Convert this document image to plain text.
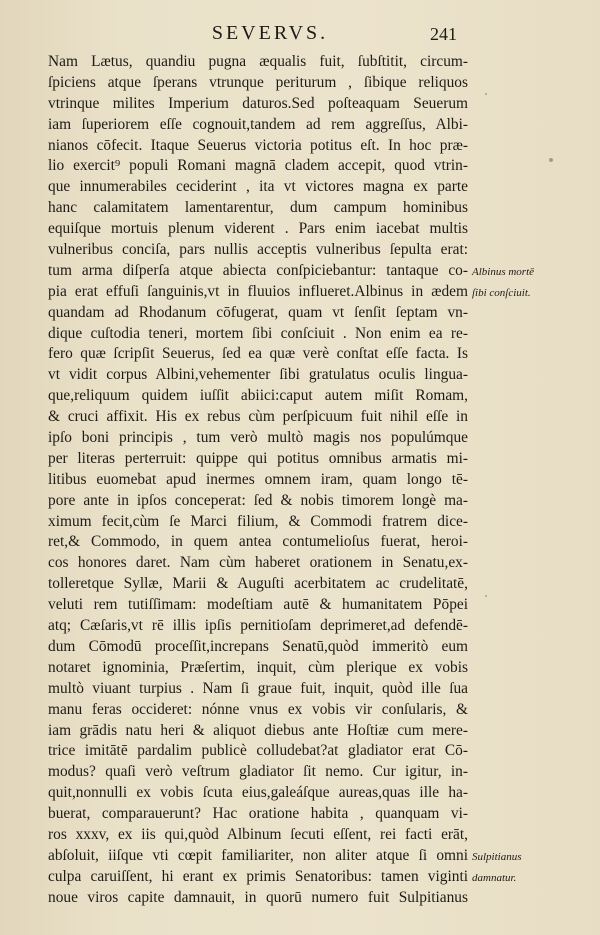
SEVERVS.	241
Nam Lætus, quandiu pugna æqualis fuit, ſubſtitit, circum-
ſpiciens atque ſperans vtrunque periturum , ſibique reliquos
vtrinque milites Imperium daturos.Sed poſteaquam Seuerum
iam ſuperiorem eſſe cognouit,tandem ad rem aggreſſus, Albi-
nianos cōfecit. Itaque Seuerus victoria potitus eſt. In hoc præ-
lio exercit⁹ populi Romani magnā cladem accepit, quod vtrin-
que innumerabiles ceciderint , ita vt victores magna ex parte
hanc calamitatem lamentarentur, dum campum hominibus
equiſque mortuis plenum viderent . Pars enim iacebat multis
vulneribus conciſa, pars nullis acceptis vulneribus ſepulta erat:
tum arma diſperſa atque abiecta conſpiciebantur: tantaque co-
pia erat effuſi ſanguinis,vt in fluuios influeret.Albinus in ædem
quandam ad Rhodanum cōfugerat, quam vt ſenſit ſeptam vn-
dique cuſtodia teneri, mortem ſibi conſciuit . Non enim ea re-
fero quæ ſcripſit Seuerus, ſed ea quæ verè conſtat eſſe facta. Is
vt vidit corpus Albini,vehementer ſibi gratulatus oculis lingua-
que,reliquum quidem iuſſit abiici:caput autem miſit Romam,
& cruci affixit. His ex rebus cùm perſpicuum fuit nihil eſſe in
ipſo boni principis , tum verò multò magis nos populúmque
per literas perterruit: quippe qui potitus omnibus armatis mi-
litibus euomebat apud inermes omnem iram, quam longo tē-
pore ante in ipſos conceperat: ſed & nobis timorem longè ma-
ximum fecit,cùm ſe Marci filium, & Commodi fratrem dice-
ret,& Commodo, in quem antea contumelioſus fuerat, heroi-
cos honores daret. Nam cùm haberet orationem in Senatu,ex-
tolleretque Syllæ, Marii & Auguſti acerbitatem ac crudelitatē,
veluti rem tutiſſimam: modeſtiam autē & humanitatem Pōpei
atq; Cæſaris,vt rē illis ipſis pernitioſam deprimeret,ad defendē-
dum Cōmodū proceſſit,increpans Senatū,quòd immeritò eum
notaret ignominia, Præſertim, inquit, cùm plerique ex vobis
multò viuant turpius . Nam ſi graue fuit, inquit, quòd ille ſua
manu feras occideret: nónne vnus ex vobis vir conſularis, &
iam grādis natu heri & aliquot diebus ante Hoſtiæ cum mere-
trice imitātē pardalim publicè colludebat?at gladiator erat Cō-
modus? quaſi verò veſtrum gladiator ſit nemo. Cur igitur, in-
quit,nonnulli ex vobis ſcuta eius,galeáſque aureas,quas ille ha-
buerat, comparauerunt? Hac oratione habita , quanquam vi-
ros xxxv, ex iis qui,quòd Albinum ſecuti eſſent, rei facti erāt,
abſoluit, iiſque vti cœpit familiariter, non aliter atque ſi omni
culpa caruiſſent, hi erant ex primis Senatoribus: tamen viginti
noue viros capite damnauit, in quorū numero fuit Sulpitianus
Albinus mortē
ſibi conſciuit.
Sulpitianus
damnatur.
